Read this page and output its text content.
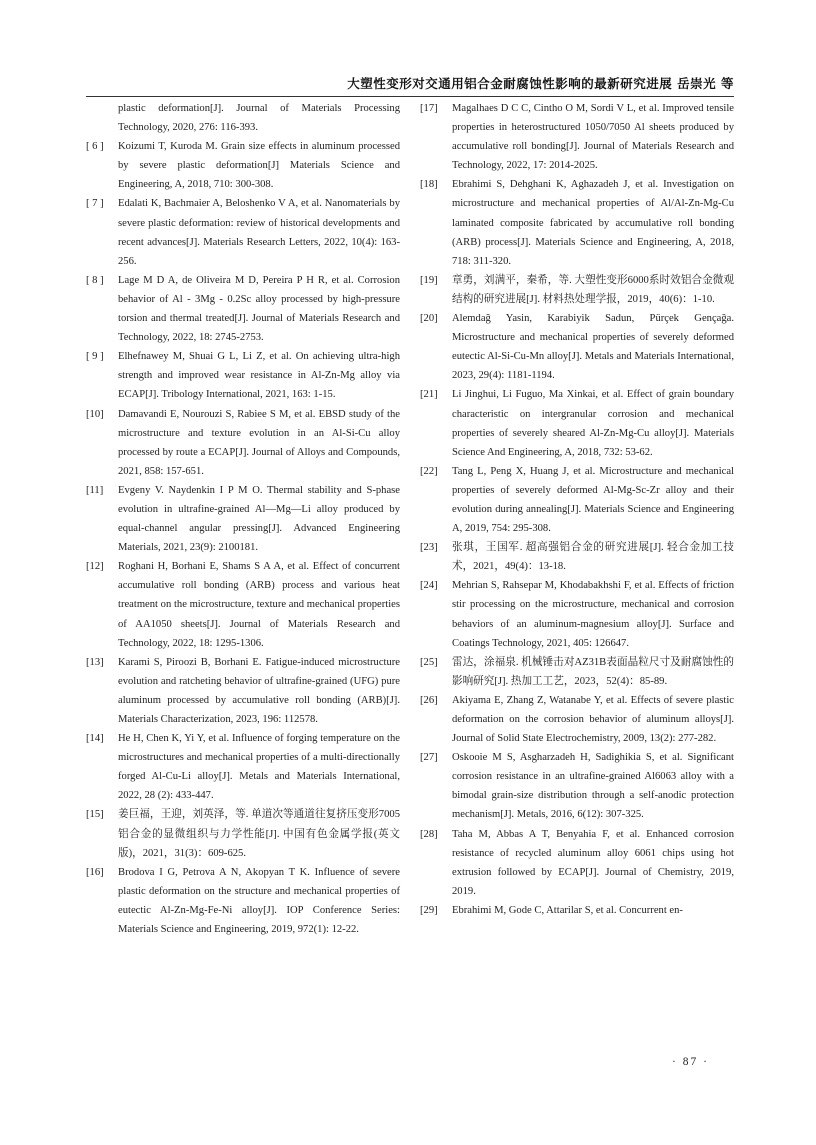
大塑性变形对交通用铝合金耐腐蚀性影响的最新研究进展 岳崇光 等
plastic deformation[J]. Journal of Materials Processing Technology, 2020, 276: 116-393.
[ 6 ] Koizumi T, Kuroda M. Grain size effects in aluminum processed by severe plastic deformation[J] Materials Science and Engineering, A, 2018, 710: 300-308.
[ 7 ] Edalati K, Bachmaier A, Beloshenko V A, et al. Nanomaterials by severe plastic deformation: review of historical developments and recent advances[J]. Materials Research Letters, 2022, 10(4): 163-256.
[ 8 ] Lage M D A, de Oliveira M D, Pereira P H R, et al. Corrosion behavior of Al - 3Mg - 0.2Sc alloy processed by high-pressure torsion and thermal treated[J]. Journal of Materials Research and Technology, 2022, 18: 2745-2753.
[ 9 ] Elhefnawey M, Shuai G L, Li Z, et al. On achieving ultra-high strength and improved wear resistance in Al-Zn-Mg alloy via ECAP[J]. Tribology International, 2021, 163: 1-15.
[10] Damavandi E, Nourouzi S, Rabiee S M, et al. EBSD study of the microstructure and texture evolution in an Al-Si-Cu alloy processed by route a ECAP[J]. Journal of Alloys and Compounds, 2021, 858: 157-651.
[11] Evgeny V. Naydenkin I P M O. Thermal stability and S-phase evolution in ultrafine-grained Al—Mg—Li alloy produced by equal-channel angular pressing[J]. Advanced Engineering Materials, 2021, 23(9): 2100181.
[12] Roghani H, Borhani E, Shams S A A, et al. Effect of concurrent accumulative roll bonding (ARB) process and various heat treatment on the microstructure, texture and mechanical properties of AA1050 sheets[J]. Journal of Materials Research and Technology, 2022, 18: 1295-1306.
[13] Karami S, Piroozi B, Borhani E. Fatigue-induced microstructure evolution and ratcheting behavior of ultrafine-grained (UFG) pure aluminum processed by accumulative roll bonding (ARB)[J]. Materials Characterization, 2023, 196: 112578.
[14] He H, Chen K, Yi Y, et al. Influence of forging temperature on the microstructures and mechanical properties of a multi-directionally forged Al-Cu-Li alloy[J]. Metals and Materials International, 2022, 28 (2): 433-447.
[15] 姜巨福，王迎，刘英泽，等. 单道次等通道往复挤压变形7005铝合金的显微组织与力学性能[J]. 中国有色金属学报(英文版)，2021，31(3)：609-625.
[16] Brodova I G, Petrova A N, Akopyan T K. Influence of severe plastic deformation on the structure and mechanical properties of eutectic Al-Zn-Mg-Fe-Ni alloy[J]. IOP Conference Series: Materials Science and Engineering, 2019, 972(1): 12-22.
[17] Magalhaes D C C, Cintho O M, Sordi V L, et al. Improved tensile properties in heterostructured 1050/7050 Al sheets produced by accumulative roll bonding[J]. Journal of Materials Research and Technology, 2022, 17: 2014-2025.
[18] Ebrahimi S, Dehghani K, Aghazadeh J, et al. Investigation on microstructure and mechanical properties of Al/Al-Zn-Mg-Cu laminated composite fabricated by accumulative roll bonding (ARB) process[J]. Materials Science and Engineering, A, 2018, 718: 311-320.
[19] 章勇，刘满平，秦希，等. 大塑性变形6000系时效铝合金微观结构的研究进展[J]. 材料热处理学报，2019，40(6)：1-10.
[20] Alemdağ Yasin, Karabiyik Sadun, Pürçek Gençağa. Microstructure and mechanical properties of severely deformed eutectic Al-Si-Cu-Mn alloy[J]. Metals and Materials International, 2023, 29(4): 1181-1194.
[21] Li Jinghui, Li Fuguo, Ma Xinkai, et al. Effect of grain boundary characteristic on intergranular corrosion and mechanical properties of severely sheared Al-Zn-Mg-Cu alloy[J]. Materials Science And Engineering, A, 2018, 732: 53-62.
[22] Tang L, Peng X, Huang J, et al. Microstructure and mechanical properties of severely deformed Al-Mg-Sc-Zr alloy and their evolution during annealing[J]. Materials Science and Engineering A, 2019, 754: 295-308.
[23] 张琪，王国军. 超高强铝合金的研究进展[J]. 轻合金加工技术，2021，49(4)：13-18.
[24] Mehrian S, Rahsepar M, Khodabakhshi F, et al. Effects of friction stir processing on the microstructure, mechanical and corrosion behaviors of an aluminum-magnesium alloy[J]. Surface and Coatings Technology, 2021, 405: 126647.
[25] 雷达，涂福泉. 机械锤击对AZ31B表面晶粒尺寸及耐腐蚀性的影响研究[J]. 热加工工艺，2023，52(4)：85-89.
[26] Akiyama E, Zhang Z, Watanabe Y, et al. Effects of severe plastic deformation on the corrosion behavior of aluminum alloys[J]. Journal of Solid State Electrochemistry, 2009, 13(2): 277-282.
[27] Oskooie M S, Asgharzadeh H, Sadighikia S, et al. Significant corrosion resistance in an ultrafine-grained Al6063 alloy with a bimodal grain-size distribution through a self-anodic protection mechanism[J]. Metals, 2016, 6(12): 307-325.
[28] Taha M, Abbas A T, Benyahia F, et al. Enhanced corrosion resistance of recycled aluminum alloy 6061 chips using hot extrusion followed by ECAP[J]. Journal of Chemistry, 2019, 2019.
[29] Ebrahimi M, Gode C, Attarilar S, et al. Concurrent en-
· 87 ·
